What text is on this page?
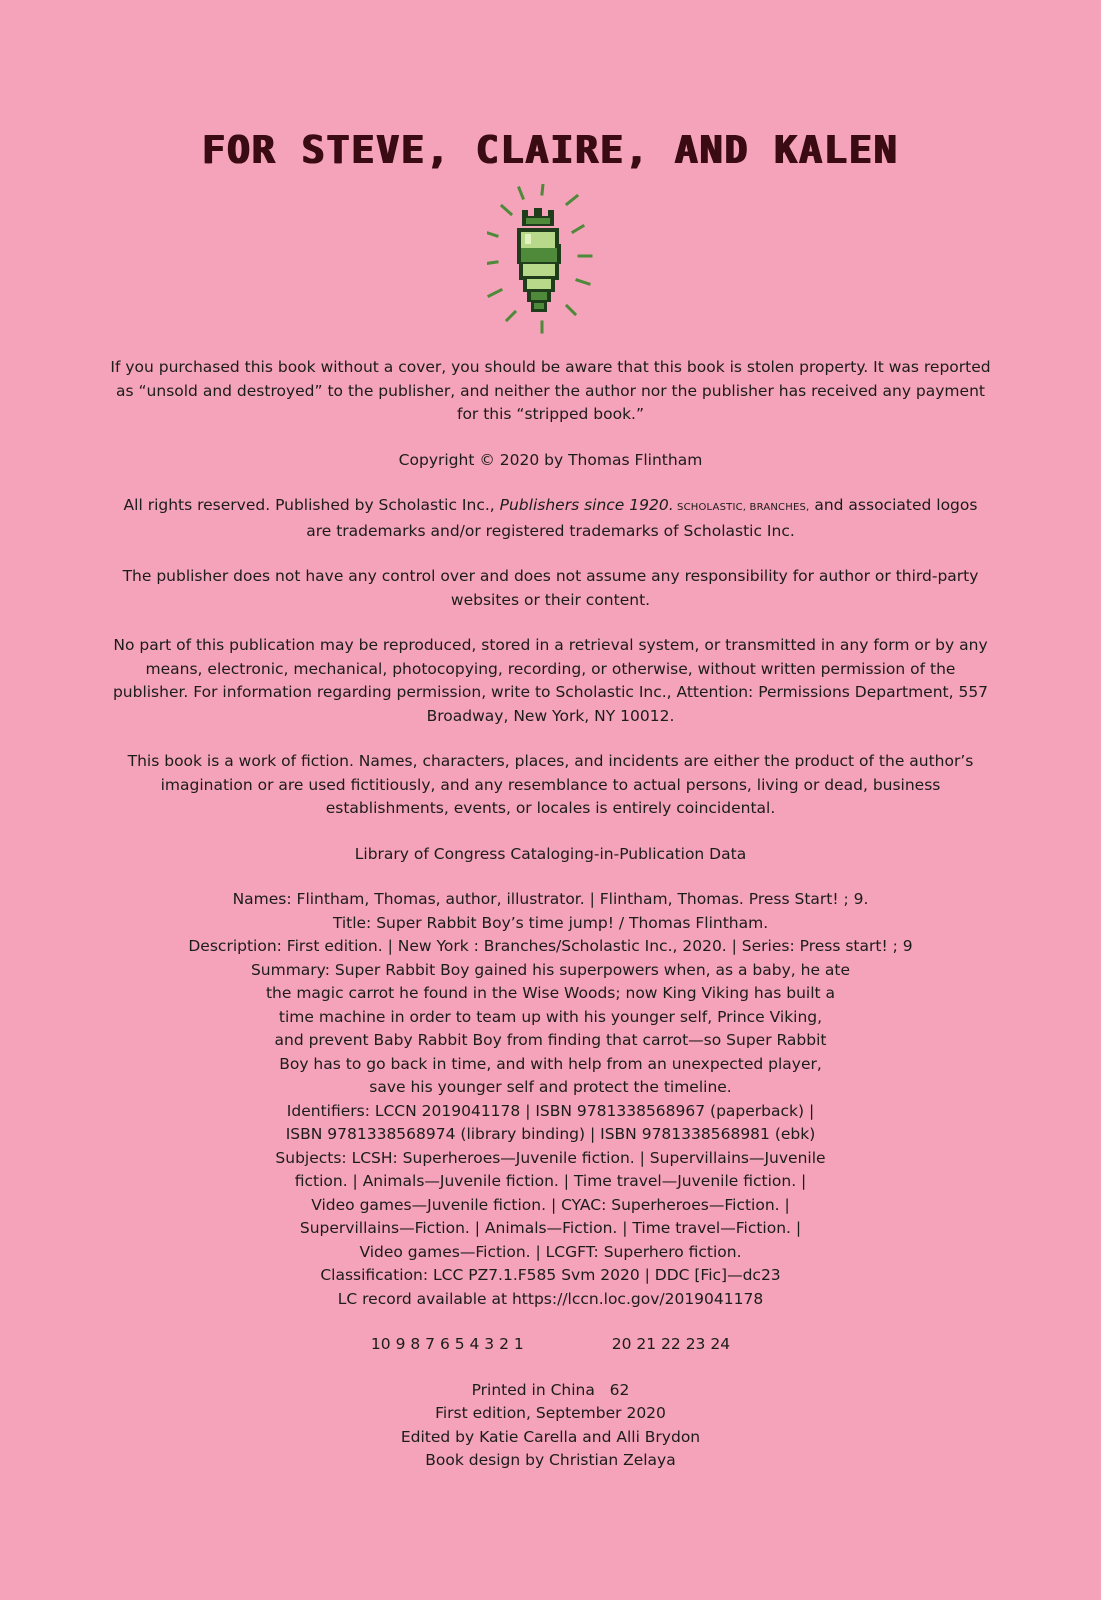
FOR STEVE, CLAIRE, AND KALEN

If you purchased this book without a cover, you should be aware that this book is stolen property. It was reported as “unsold and destroyed” to the publisher, and neither the author nor the publisher has received any payment for this “stripped book.”

Copyright © 2020 by Thomas Flintham

All rights reserved. Published by Scholastic Inc., Publishers since 1920. SCHOLASTIC, BRANCHES, and associated logos are trademarks and/or registered trademarks of Scholastic Inc.

The publisher does not have any control over and does not assume any responsibility for author or third-party websites or their content.

No part of this publication may be reproduced, stored in a retrieval system, or transmitted in any form or by any means, electronic, mechanical, photocopying, recording, or otherwise, without written permission of the publisher. For information regarding permission, write to Scholastic Inc., Attention: Permissions Department, 557 Broadway, New York, NY 10012.

This book is a work of fiction. Names, characters, places, and incidents are either the product of the author’s imagination or are used fictitiously, and any resemblance to actual persons, living or dead, business establishments, events, or locales is entirely coincidental.

Library of Congress Cataloging-in-Publication Data

Names: Flintham, Thomas, author, illustrator. | Flintham, Thomas. Press Start! ; 9.
Title: Super Rabbit Boy’s time jump! / Thomas Flintham.
Description: First edition. | New York : Branches/Scholastic Inc., 2020. | Series: Press start! ; 9
Summary: Super Rabbit Boy gained his superpowers when, as a baby, he ate
the magic carrot he found in the Wise Woods; now King Viking has built a
time machine in order to team up with his younger self, Prince Viking,
and prevent Baby Rabbit Boy from finding that carrot—so Super Rabbit
Boy has to go back in time, and with help from an unexpected player,
save his younger self and protect the timeline.
Identifiers: LCCN 2019041178 | ISBN 9781338568967 (paperback) |
ISBN 9781338568974 (library binding) | ISBN 9781338568981 (ebk)
Subjects: LCSH: Superheroes—Juvenile fiction. | Supervillains—Juvenile
fiction. | Animals—Juvenile fiction. | Time travel—Juvenile fiction. |
Video games—Juvenile fiction. | CYAC: Superheroes—Fiction. |
Supervillains—Fiction. | Animals—Fiction. | Time travel—Fiction. |
Video games—Fiction. | LCGFT: Superhero fiction.
Classification: LCC PZ7.1.F585 Svm 2020 | DDC [Fic]—dc23
LC record available at https://lccn.loc.gov/2019041178
10 9 8 7 6 5 4 3 2 1	20 21 22 23 24
Printed in China   62
First edition, September 2020
Edited by Katie Carella and Alli Brydon
Book design by Christian Zelaya
